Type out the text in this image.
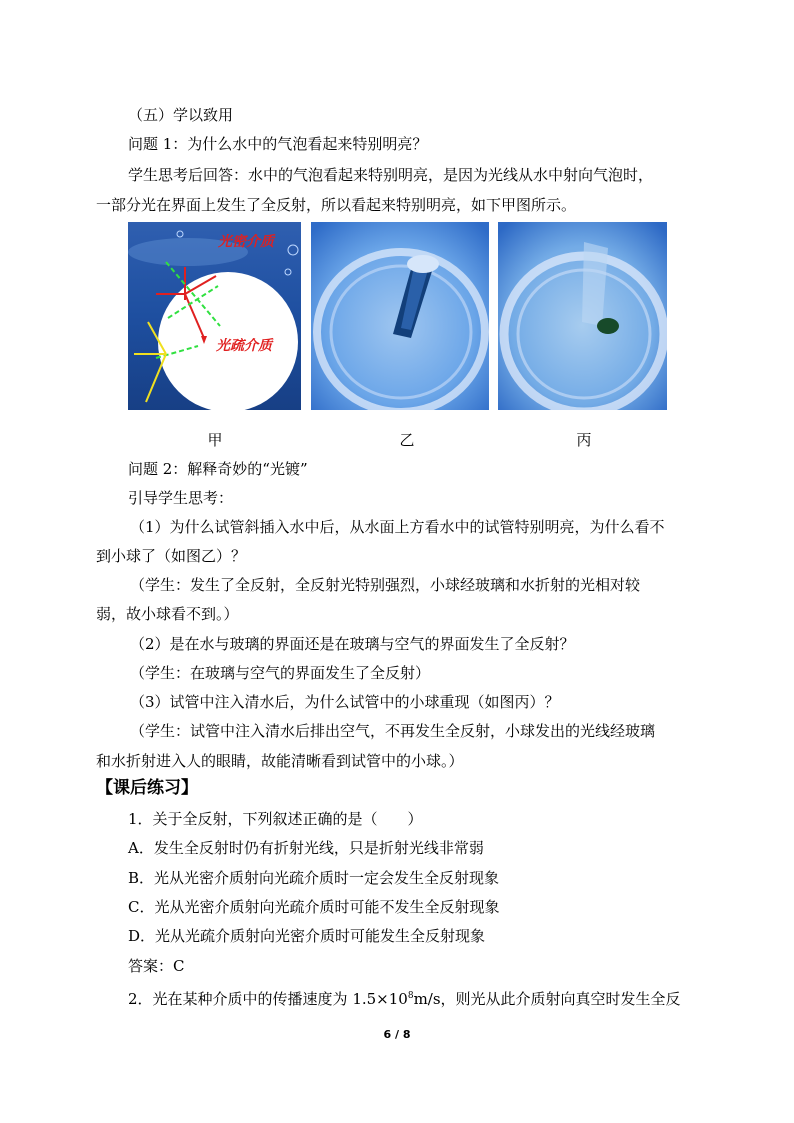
（五）学以致用
问题 1：为什么水中的气泡看起来特别明亮？
学生思考后回答：水中的气泡看起来特别明亮，是因为光线从水中射向气泡时，
一部分光在界面上发生了全反射，所以看起来特别明亮，如下甲图所示。
光密介质
光疏介质
甲	乙	丙
问题 2：解释奇妙的“光镀”
引导学生思考：
（1）为什么试管斜插入水中后，从水面上方看水中的试管特别明亮，为什么看不
到小球了（如图乙）？
（学生：发生了全反射，全反射光特别强烈，小球经玻璃和水折射的光相对较
弱，故小球看不到。）
（2）是在水与玻璃的界面还是在玻璃与空气的界面发生了全反射？
（学生：在玻璃与空气的界面发生了全反射）
（3）试管中注入清水后，为什么试管中的小球重现（如图丙）？
（学生：试管中注入清水后排出空气，不再发生全反射，小球发出的光线经玻璃
和水折射进入人的眼睛，故能清晰看到试管中的小球。）
【课后练习】
1．关于全反射，下列叙述正确的是（　　）
A．发生全反射时仍有折射光线，只是折射光线非常弱
B．光从光密介质射向光疏介质时一定会发生全反射现象
C．光从光密介质射向光疏介质时可能不发生全反射现象
D．光从光疏介质射向光密介质时可能发生全反射现象
答案：C
2．光在某种介质中的传播速度为 $1.5\times 10^8m/s$，则光从此介质射向真空时发生全反
6 / 8
